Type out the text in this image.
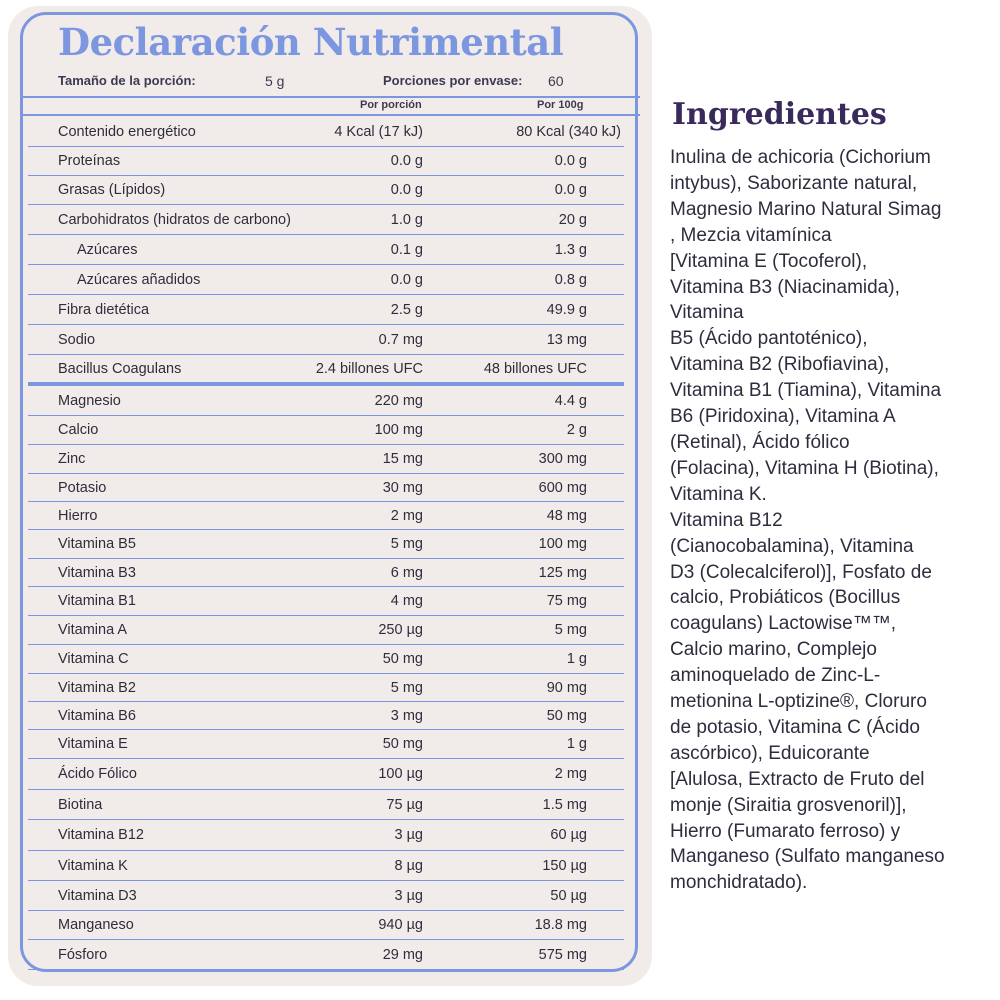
Declaración Nutrimental
Tamaño de la porción:	5 g	Porciones por envase: 60
Por porción	Por 100g
Contenido energético	4 Kcal (17 kJ)	80 Kcal (340 kJ)
Proteínas	0.0 g	0.0 g
Grasas (Lípidos)	0.0 g	0.0 g
Carbohidratos (hidratos de carbono)	1.0 g	20 g
Azúcares	0.1 g	1.3 g
Azúcares añadidos	0.0 g	0.8 g
Fibra dietética	2.5 g	49.9 g
Sodio	0.7 mg	13 mg
Bacillus Coagulans	2.4 billones UFC	48 billones UFC
Magnesio	220 mg	4.4 g
Calcio	100 mg	2 g
Zinc	15 mg	300 mg
Potasio	30 mg	600 mg
Hierro	2 mg	48 mg
Vitamina B5	5 mg	100 mg
Vitamina B3	6 mg	125 mg
Vitamina B1	4 mg	75 mg
Vitamina A	250 µg	5 mg
Vitamina C	50 mg	1 g
Vitamina B2	5 mg	90 mg
Vitamina B6	3 mg	50 mg
Vitamina E	50 mg	1 g
Ácido Fólico	100 µg	2 mg
Biotina	75 µg	1.5 mg
Vitamina B12	3 µg	60 µg
Vitamina K	8 µg	150 µg
Vitamina D3	3 µg	50 µg
Manganeso	940 µg	18.8 mg
Fósforo	29 mg	575 mg
Ingredientes
Inulina de achicoria (Cichorium
intybus), Saborizante natural,
Magnesio Marino Natural Simag
, Mezcia vitamínica
[Vitamina E (Tocoferol),
Vitamina B3 (Niacinamida),
Vitamina
B5 (Ácido pantoténico),
Vitamina B2 (Ribofiavina),
Vitamina B1 (Tiamina), Vitamina
B6 (Piridoxina), Vitamina A
(Retinal), Ácido fólico
(Folacina), Vitamina H (Biotina),
Vitamina K.
Vitamina B12
(Cianocobalamina), Vitamina
D3 (Colecalciferol)], Fosfato de
calcio, Probiáticos (Bocillus
coagulans) Lactowise™™,
Calcio marino, Complejo
aminoquelado de Zinc-L-
metionina L-optizine®, Cloruro
de potasio, Vitamina C (Ácido
ascórbico), Eduicorante
[Alulosa, Extracto de Fruto del
monje (Siraitia grosvenoril)],
Hierro (Fumarato ferroso) y
Manganeso (Sulfato manganeso
monchidratado).
